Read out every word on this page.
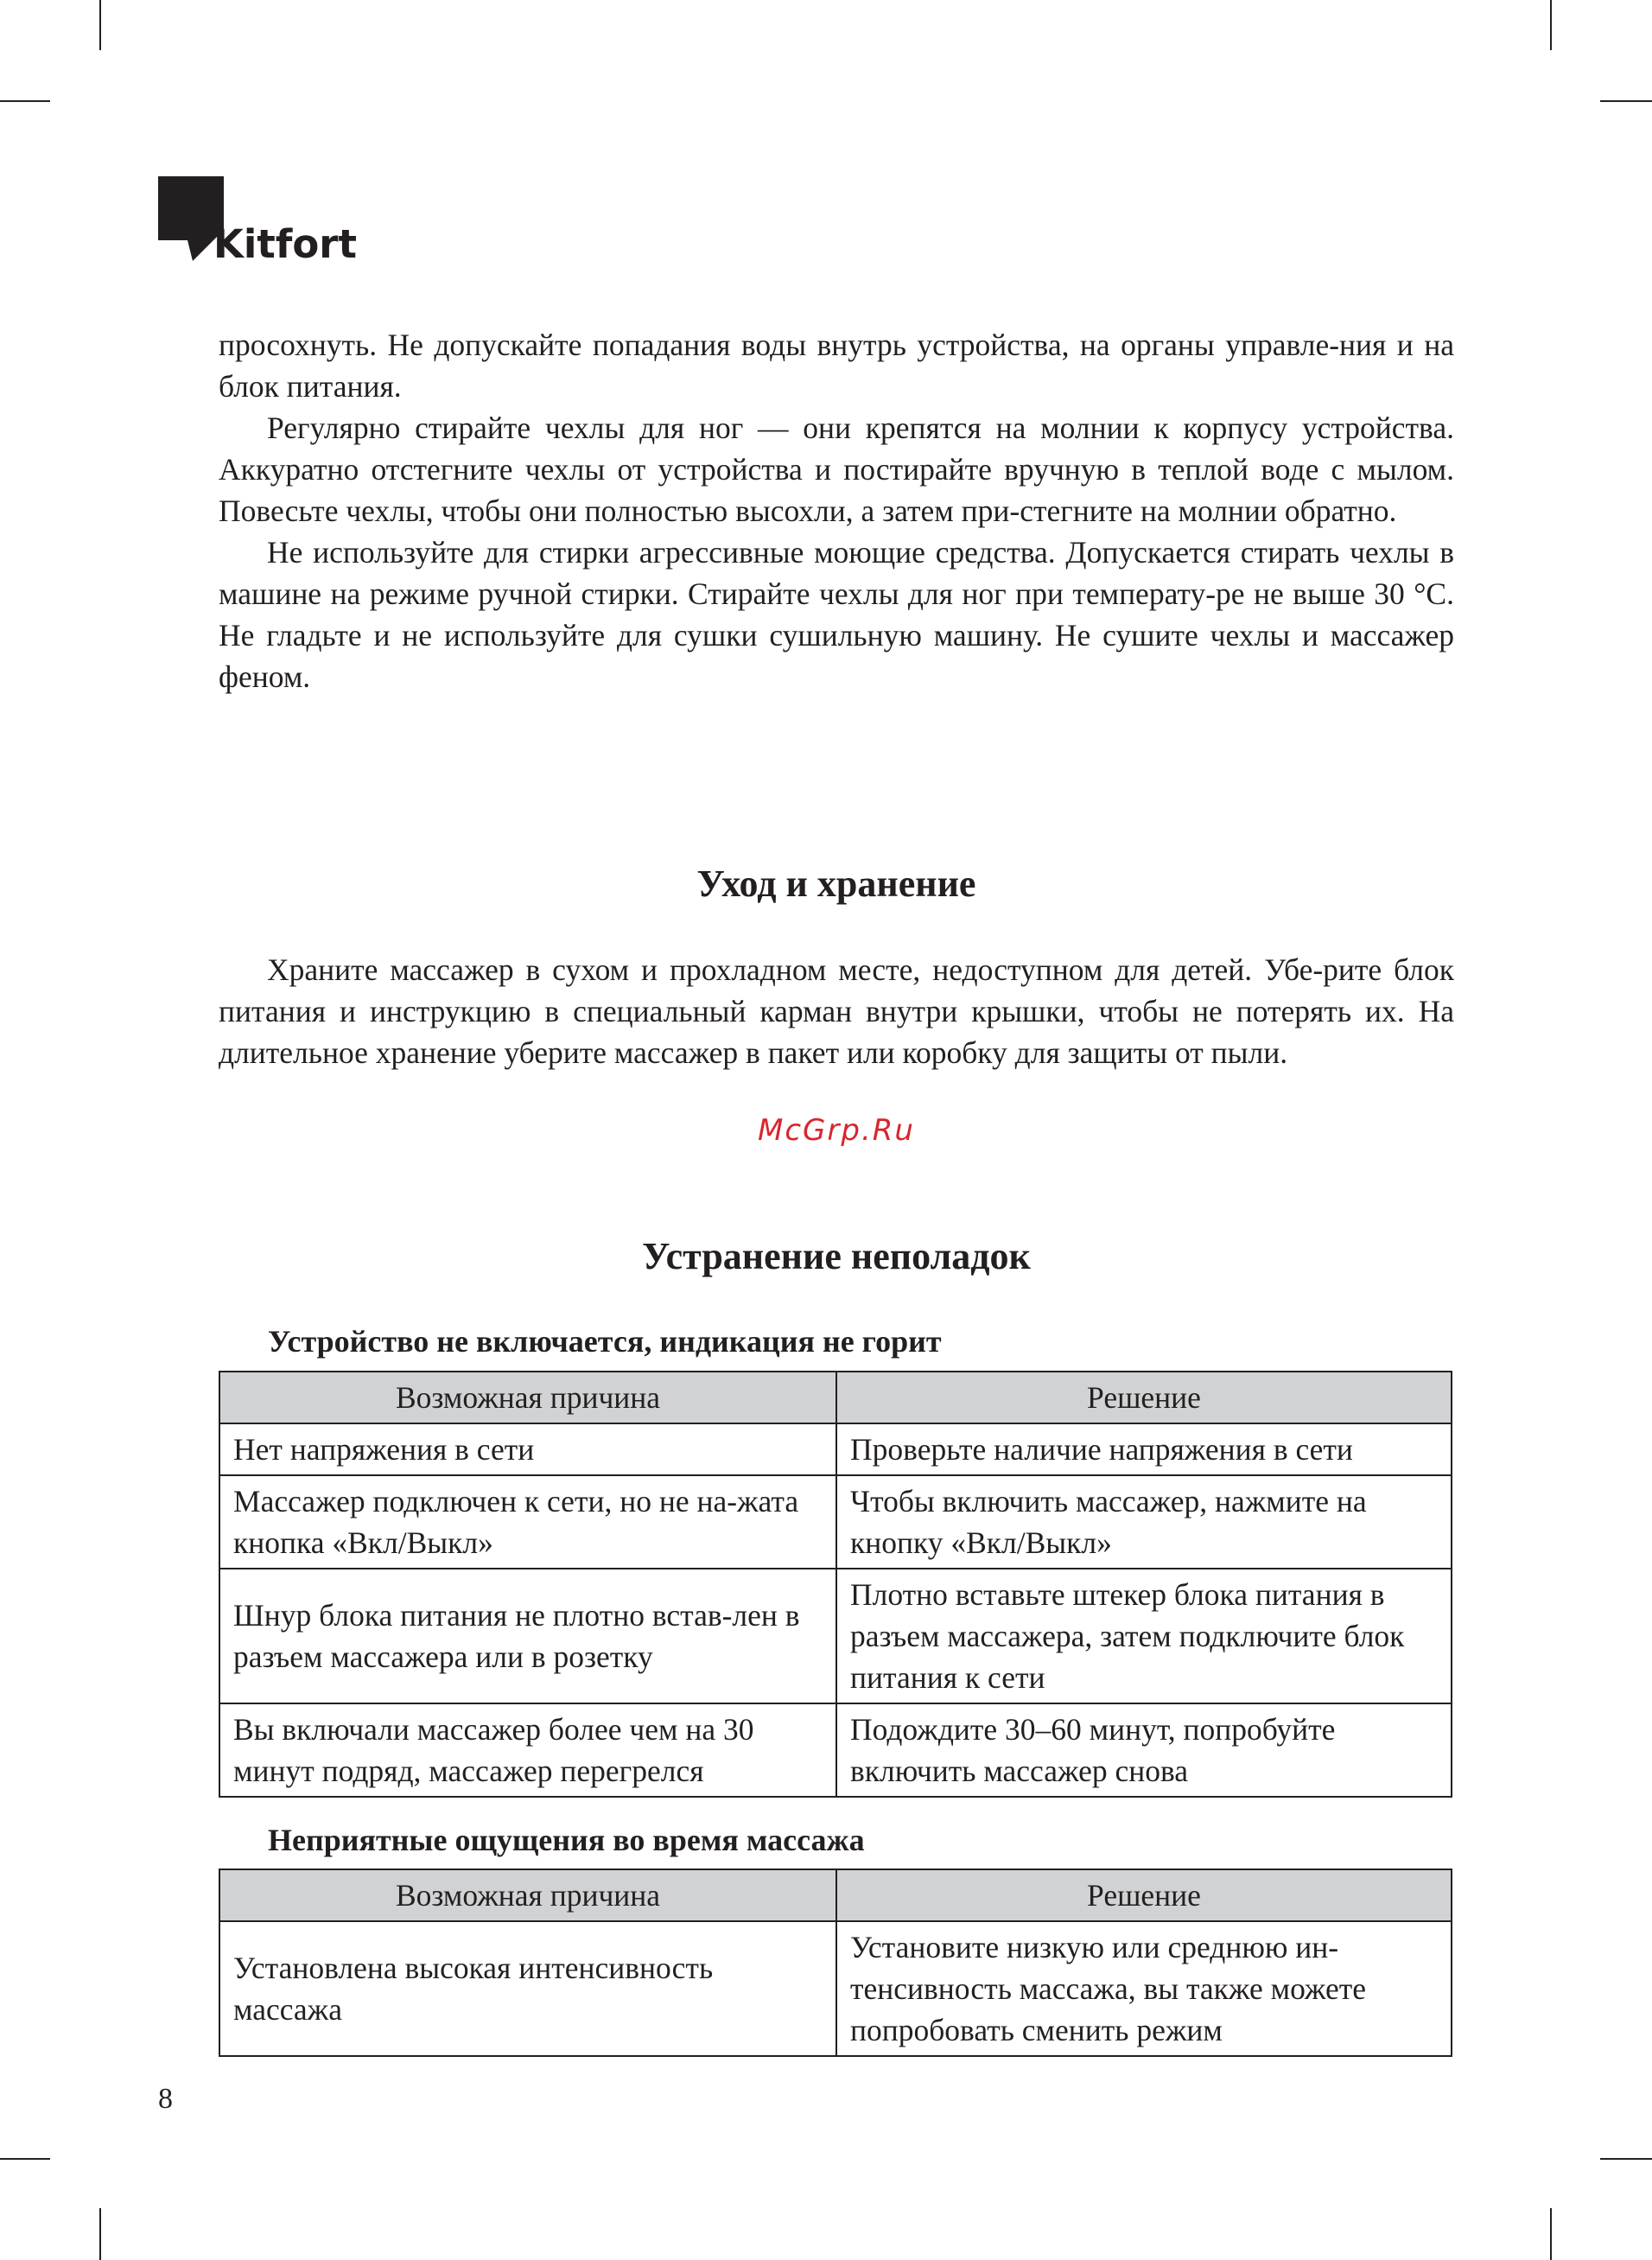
Kitfort

просохнуть. Не допускайте попадания воды внутрь устройства, на органы управле-ния и на блок питания.

Регулярно стирайте чехлы для ног — они крепятся на молнии к корпусу устройства. Аккуратно отстегните чехлы от устройства и постирайте вручную в теплой воде с мылом. Повесьте чехлы, чтобы они полностью высохли, а затем при-стегните на молнии обратно.

Не используйте для стирки агрессивные моющие средства. Допускается стирать чехлы в машине на режиме ручной стирки. Стирайте чехлы для ног при температу-ре не выше 30 °C. Не гладьте и не используйте для сушки сушильную машину. Не сушите чехлы и массажер феном.

Уход и хранение

Храните массажер в сухом и прохладном месте, недоступном для детей. Убе-рите блок питания и инструкцию в специальный карман внутри крышки, чтобы не потерять их. На длительное хранение уберите массажер в пакет или коробку для защиты от пыли.

McGrp.Ru
Устранение неполадок
Устройство не включается, индикация не горит
Возможная причина	Решение
Нет напряжения в сети	Проверьте наличие напряжения в сети
Массажер подключен к сети, но не на-жата кнопка «Вкл/Выкл»	Чтобы включить массажер, нажмите на кнопку «Вкл/Выкл»
Шнур блока питания не плотно встав-лен в разъем массажера или в розетку	Плотно вставьте штекер блока питания в разъем массажера, затем подключите блок питания к сети
Вы включали массажер более чем на 30 минут подряд, массажер перегрелся	Подождите 30–60 минут, попробуйте включить массажер снова
Неприятные ощущения во время массажа
Возможная причина	Решение
Установлена высокая интенсивность массажа	Установите низкую или среднюю ин-тенсивность массажа, вы также можете попробовать сменить режим
8
